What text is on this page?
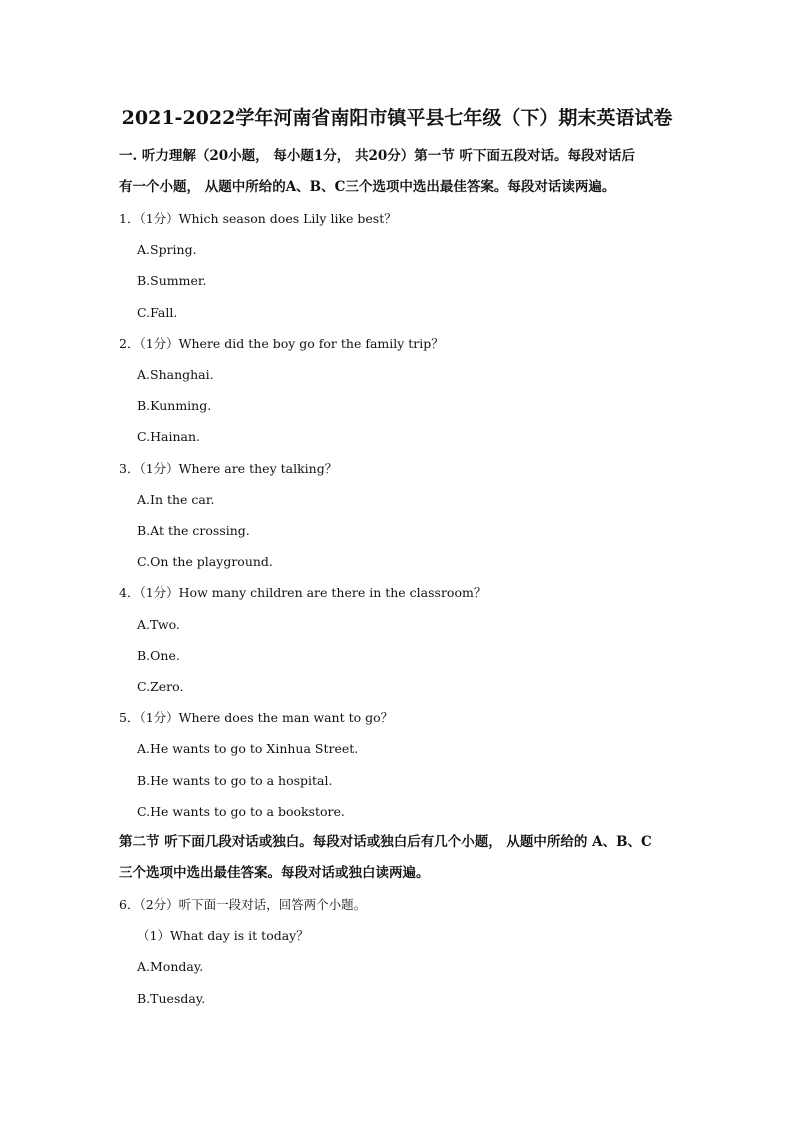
2021-2022学年河南省南阳市镇平县七年级（下）期末英语试卷

一. 听力理解（20小题， 每小题1分， 共20分）第一节 听下面五段对话。每段对话后

有一个小题， 从题中所给的A、B、C三个选项中选出最佳答案。每段对话读两遍。

1．（1分）Which season does Lily like best？

A.Spring.

B.Summer.

C.Fall.

2．（1分）Where did the boy go for the family trip？

A.Shanghai.

B.Kunming.

C.Hainan.

3．（1分）Where are they talking？

A.In the car.

B.At the crossing.

C.On the playground.

4．（1分）How many children are there in the classroom？

A.Two.

B.One.

C.Zero.

5．（1分）Where does the man want to go？

A.He wants to go to Xinhua Street.

B.He wants to go to a hospital.

C.He wants to go to a bookstore.

第二节 听下面几段对话或独白。每段对话或独白后有几个小题， 从题中所给的 A、B、C

三个选项中选出最佳答案。每段对话或独白读两遍。

6．（2分）听下面一段对话，回答两个小题。

（1）What day is it today？

A.Monday.

B.Tuesday.
